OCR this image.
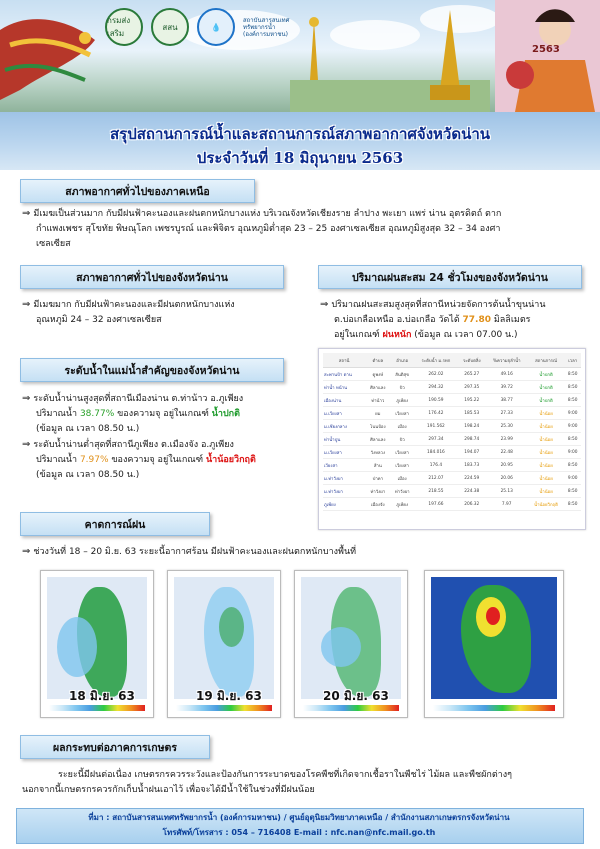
กรมส่งเสริม
สสน	💧
สถาบันสารสนเทศทรัพยากรน้ำ (องค์การมหาชน)
2563
สรุปสถานการณ์น้ำและสถานการณ์สภาพอากาศจังหวัดน่าน
ประจำวันที่ 18 มิถุนายน 2563
สภาพอากาศทั่วไปของภาคเหนือ
⇒ มีเมฆเป็นส่วนมาก กับมีฝนฟ้าคะนองและฝนตกหนักบางแห่ง บริเวณจังหวัดเชียงราย ลำปาง พะเยา แพร่ น่าน อุตรดิตถ์ ตาก
กำแพงเพชร สุโขทัย พิษณุโลก เพชรบูรณ์ และพิจิตร อุณหภูมิต่ำสุด 23 – 25 องศาเซลเซียส อุณหภูมิสูงสุด 32 – 34 องศา
เซลเซียส
สภาพอากาศทั่วไปของจังหวัดน่าน
⇒ มีเมฆมาก กับมีฝนฟ้าคะนองและมีฝนตกหนักบางแห่ง
อุณหภูมิ 24 – 32 องศาเซลเซียส
ปริมาณฝนสะสม 24 ชั่วโมงของจังหวัดน่าน
⇒ ปริมาณฝนสะสมสูงสุดที่สถานีหน่วยจัดการต้นน้ำขุนน่าน
ต.บ่อเกลือเหนือ อ.บ่อเกลือ วัดได้ 77.80 มิลลิเมตร
อยู่ในเกณฑ์ ฝนหนัก (ข้อมูล ณ เวลา 07.00 น.)
ระดับน้ำในแม่น้ำสำคัญของจังหวัดน่าน
⇒ ระดับน้ำน่านสูงสุดที่สถานีเมืองน่าน ต.ท่าน้าว อ.ภูเพียง
ปริมาณน้ำ 38.77% ของความจุ อยู่ในเกณฑ์ น้ำปกติ
(ข้อมูล ณ เวลา 08.50 น.)
⇒ ระดับน้ำน่านต่ำสุดที่สถานีภูเพียง ต.เมืองจัง อ.ภูเพียง
ปริมาณน้ำ 7.97% ของความจุ อยู่ในเกณฑ์ น้ำน้อยวิกฤติ
(ข้อมูล ณ เวลา 08.50 น.)
สถานี	ตำบล	อำเภอ	ระดับน้ำ ม.รทก	ระดับตลิ่ง	%ความจุลำน้ำ	สถานการณ์	เวลา
สะพานป้า ตาน	ดูพงษ์	สันติสุข	262.02	265.27	49.16	น้ำปกติ	8:50
ท่าน้ำ หน้าน	ศิลาแลง	ปัว	294.32	297.35	39.72	น้ำปกติ	8:50
เมืองน่าน	ท่าน้าว	ภูเพียง	190.59	195.22	38.77	น้ำปกติ	8:50
ม.เวียงสา	ยม	เวียงสา	176.42	185.53	27.33	น้ำน้อย	9:00
ม.เชียงกลาง	โนนป้อง	เมือง	191.562	198.24	25.30	น้ำน้อย	9:00
ท่าน้ำปูน	ศิลาแลง	ปัว	297.34	298.74	23.99	น้ำน้อย	8:50
ม.เวียงสา	วังหลวง	เวียงสา	184.016	194.07	22.48	น้ำน้อย	9:00
เวียงสา	ส้าน	เวียงสา	176.4	183.73	20.95	น้ำน้อย	8:50
ม.ท่าวังผา	ป่าคา	เมือง	212.07	224.59	20.06	น้ำน้อย	9:00
ม.ท่าวังผา	ท่าวังผา	ท่าวังผา	218.55	224.38	25.13	น้ำน้อย	8:50
ภูเพียง	เมืองจัง	ภูเพียง	197.66	206.32	7.97	น้ำน้อยวิกฤติ	8:50
คาดการณ์ฝน
⇒ ช่วงวันที่ 18 – 20 มิ.ย. 63 ระยะนี้อากาศร้อน มีฝนฟ้าคะนองและฝนตกหนักบางพื้นที่
18 มิ.ย. 63	19 มิ.ย. 63	20 มิ.ย. 63
ผลกระทบต่อภาคการเกษตร
ระยะนี้มีฝนต่อเนื่อง เกษตรกรควรระวังและป้องกันการระบาดของโรคพืชที่เกิดจากเชื้อราในพืชไร่ ไม้ผล และพืชผักต่างๆ
นอกจากนี้เกษตรกรควรกักเก็บน้ำฝนเอาไว้ เพื่อจะได้มีน้ำใช้ในช่วงที่มีฝนน้อย
ที่มา : สถาบันสารสนเทศทรัพยากรน้ำ (องค์การมหาชน) / ศูนย์อุตุนิยมวิทยาภาคเหนือ / สำนักงานสภาเกษตรกรจังหวัดน่าน
โทรศัพท์/โทรสาร : 054 – 716408 E-mail : nfc.nan@nfc.mail.go.th
